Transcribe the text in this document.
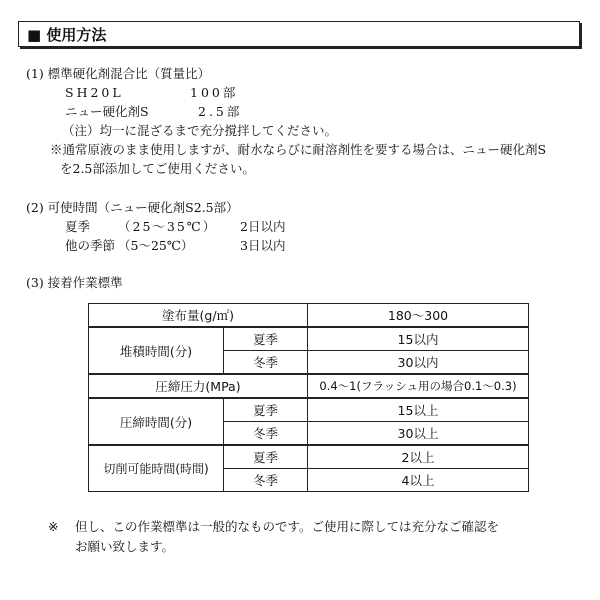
■ 使用方法
(1) 標準硬化剤混合比（質量比）
SH20L	100部
ニュー硬化剤S	2.5部
（注）均一に混ざるまで充分撹拌してください。
※通常原液のまま使用しますが、耐水ならびに耐溶剤性を要する場合は、ニュー硬化剤S
を2.5部添加してご使用ください。
(2) 可使時間（ニュー硬化剤S2.5部）
夏季 （25～35℃） 2日以内
他の季節 （5～25℃）	3日以内
(3) 接着作業標準
塗布量(g/㎡)		180～300
堆積時間(分)	夏季	15以内
	冬季	30以内
圧締圧力(MPa)		0.4～1(フラッシュ用の場合0.1～0.3)
圧締時間(分)	夏季	15以上
	冬季	30以上
切削可能時間(時間)	夏季	2以上
	冬季	4以上
※ 但し、この作業標準は一般的なものです。ご使用に際しては充分なご確認を
お願い致します。
